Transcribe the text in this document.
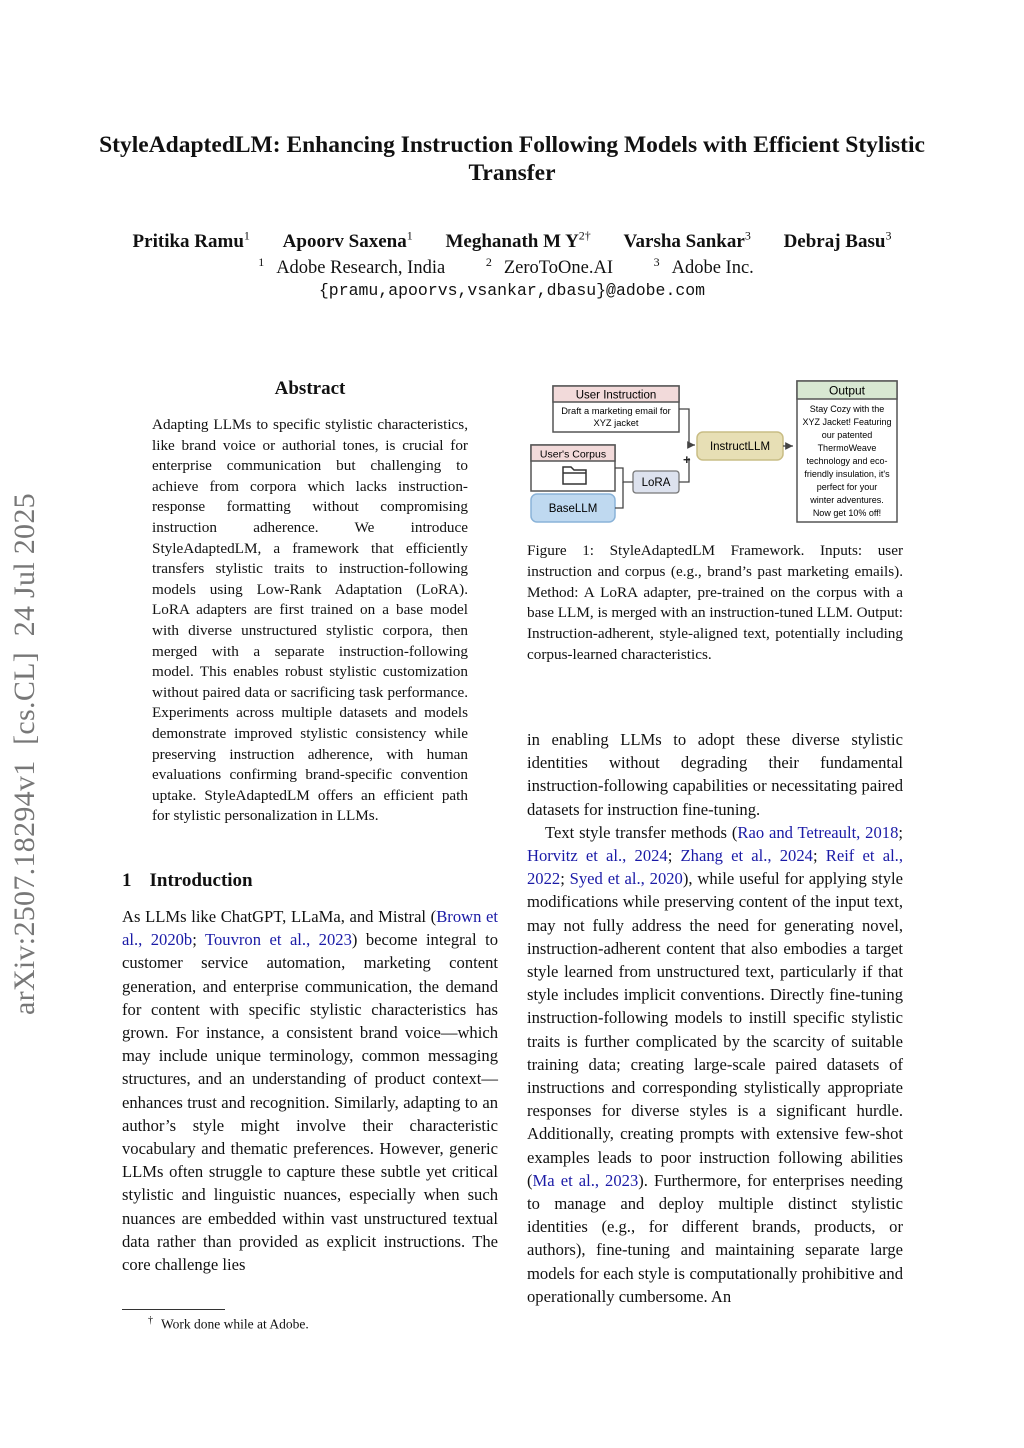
StyleAdaptedLM: Enhancing Instruction Following Models with Efficient Stylistic Transfer
Pritika Ramu$^1$ Apoorv Saxena$^1$ Meghanath M $Y^{2\dagger}$ Varsha Sankar$^3$ Debraj Basu$^3$
$^1$ Adobe Research, India	$^2$ ZeroToOne.AI	$^3$ Adobe Inc.
{pramu,apoorvs,vsankar,dbasu}@adobe.com
arXiv:2507.18294v1  [cs.CL]  24 Jul 2025
Abstract
Adapting LLMs to specific stylistic characteristics, like brand voice or authorial tones, is crucial for enterprise communication but challenging to achieve from corpora which lacks instruction-response formatting without compromising instruction adherence. We introduce StyleAdaptedLM, a framework that efficiently transfers stylistic traits to instruction-following models using Low-Rank Adaptation (LoRA). LoRA adapters are first trained on a base model with diverse unstructured stylistic corpora, then merged with a separate instruction-following model. This enables robust stylistic customization without paired data or sacrificing task performance. Experiments across multiple datasets and models demonstrate improved stylistic consistency while preserving instruction adherence, with human evaluations confirming brand-specific convention uptake. StyleAdaptedLM offers an efficient path for stylistic personalization in LLMs.
1 Introduction

As LLMs like ChatGPT, LLaMa, and Mistral (Brown et al., 2020b; Touvron et al., 2023) become integral to customer service automation, marketing content generation, and enterprise communication, the demand for content with specific stylistic characteristics has grown. For instance, a consistent brand voice—which may include unique terminology, common messaging structures, and an understanding of product context—enhances trust and recognition. Similarly, adapting to an author’s style might involve their characteristic vocabulary and thematic preferences. However, generic LLMs often struggle to capture these subtle yet critical stylistic and linguistic nuances, especially when such nuances are embedded within vast unstructured textual data rather than provided as explicit instructions. The core challenge lies

† Work done while at Adobe.
User Instruction
Draft a marketing email for
XYZ jacket
User's Corpus
BaseLLM
LoRA
+
InstructLLM
Output
Stay Cozy with the
XYZ Jacket! Featuring
our patented
ThermoWeave
technology and eco-
friendly insulation, it's
perfect for your
winter adventures.
Now get 10% off!
Figure 1: StyleAdaptedLM Framework. Inputs: user instruction and corpus (e.g., brand’s past marketing emails). Method: A LoRA adapter, pre-trained on the corpus with a base LLM, is merged with an instruction-tuned LLM. Output: Instruction-adherent, style-aligned text, potentially including corpus-learned characteristics.

in enabling LLMs to adopt these diverse stylistic identities without degrading their fundamental instruction-following capabilities or necessitating paired datasets for instruction fine-tuning.

Text style transfer methods (Rao and Tetreault, 2018; Horvitz et al., 2024; Zhang et al., 2024; Reif et al., 2022; Syed et al., 2020), while useful for applying style modifications while preserving content of the input text, may not fully address the need for generating novel, instruction-adherent content that also embodies a target style learned from unstructured text, particularly if that style includes implicit conventions. Directly fine-tuning instruction-following models to instill specific stylistic traits is further complicated by the scarcity of suitable training data; creating large-scale paired datasets of instructions and corresponding stylistically appropriate responses for diverse styles is a significant hurdle. Additionally, creating prompts with extensive few-shot examples leads to poor instruction following abilities (Ma et al., 2023). Furthermore, for enterprises needing to manage and deploy multiple distinct stylistic identities (e.g., for different brands, products, or authors), fine-tuning and maintaining separate large models for each style is computationally prohibitive and operationally cumbersome. An
